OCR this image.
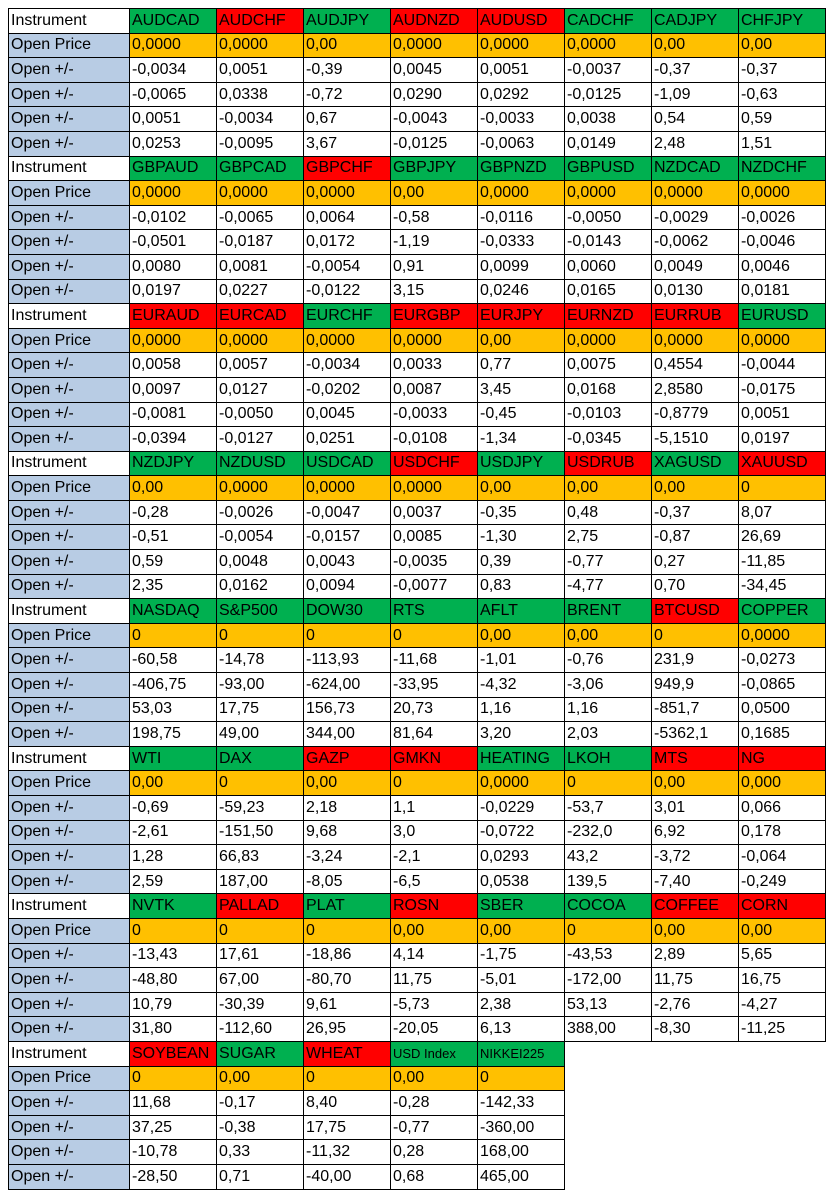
Instrument	AUDCAD	AUDCHF	AUDJPY	AUDNZD	AUDUSD	CADCHF	CADJPY	CHFJPY
Open Price	0,0000	0,0000	0,00	0,0000	0,0000	0,0000	0,00	0,00
Open +/-	-0,0034	0,0051	-0,39	0,0045	0,0051	-0,0037	-0,37	-0,37
Open +/-	-0,0065	0,0338	-0,72	0,0290	0,0292	-0,0125	-1,09	-0,63
Open +/-	0,0051	-0,0034	0,67	-0,0043	-0,0033	0,0038	0,54	0,59
Open +/-	0,0253	-0,0095	3,67	-0,0125	-0,0063	0,0149	2,48	1,51
Instrument	GBPAUD	GBPCAD	GBPCHF	GBPJPY	GBPNZD	GBPUSD	NZDCAD	NZDCHF
Open Price	0,0000	0,0000	0,0000	0,00	0,0000	0,0000	0,0000	0,0000
Open +/-	-0,0102	-0,0065	0,0064	-0,58	-0,0116	-0,0050	-0,0029	-0,0026
Open +/-	-0,0501	-0,0187	0,0172	-1,19	-0,0333	-0,0143	-0,0062	-0,0046
Open +/-	0,0080	0,0081	-0,0054	0,91	0,0099	0,0060	0,0049	0,0046
Open +/-	0,0197	0,0227	-0,0122	3,15	0,0246	0,0165	0,0130	0,0181
Instrument	EURAUD	EURCAD	EURCHF	EURGBP	EURJPY	EURNZD	EURRUB	EURUSD
Open Price	0,0000	0,0000	0,0000	0,0000	0,00	0,0000	0,0000	0,0000
Open +/-	0,0058	0,0057	-0,0034	0,0033	0,77	0,0075	0,4554	-0,0044
Open +/-	0,0097	0,0127	-0,0202	0,0087	3,45	0,0168	2,8580	-0,0175
Open +/-	-0,0081	-0,0050	0,0045	-0,0033	-0,45	-0,0103	-0,8779	0,0051
Open +/-	-0,0394	-0,0127	0,0251	-0,0108	-1,34	-0,0345	-5,1510	0,0197
Instrument	NZDJPY	NZDUSD	USDCAD	USDCHF	USDJPY	USDRUB	XAGUSD	XAUUSD
Open Price	0,00	0,0000	0,0000	0,0000	0,00	0,00	0,00	0
Open +/-	-0,28	-0,0026	-0,0047	0,0037	-0,35	0,48	-0,37	8,07
Open +/-	-0,51	-0,0054	-0,0157	0,0085	-1,30	2,75	-0,87	26,69
Open +/-	0,59	0,0048	0,0043	-0,0035	0,39	-0,77	0,27	-11,85
Open +/-	2,35	0,0162	0,0094	-0,0077	0,83	-4,77	0,70	-34,45
Instrument	NASDAQ	S&P500	DOW30	RTS	AFLT	BRENT	BTCUSD	COPPER
Open Price	0	0	0	0	0,00	0,00	0	0,0000
Open +/-	-60,58	-14,78	-113,93	-11,68	-1,01	-0,76	231,9	-0,0273
Open +/-	-406,75	-93,00	-624,00	-33,95	-4,32	-3,06	949,9	-0,0865
Open +/-	53,03	17,75	156,73	20,73	1,16	1,16	-851,7	0,0500
Open +/-	198,75	49,00	344,00	81,64	3,20	2,03	-5362,1	0,1685
Instrument	WTI	DAX	GAZP	GMKN	HEATING	LKOH	MTS	NG
Open Price	0,00	0	0,00	0	0,0000	0	0,00	0,000
Open +/-	-0,69	-59,23	2,18	1,1	-0,0229	-53,7	3,01	0,066
Open +/-	-2,61	-151,50	9,68	3,0	-0,0722	-232,0	6,92	0,178
Open +/-	1,28	66,83	-3,24	-2,1	0,0293	43,2	-3,72	-0,064
Open +/-	2,59	187,00	-8,05	-6,5	0,0538	139,5	-7,40	-0,249
Instrument	NVTK	PALLAD	PLAT	ROSN	SBER	COCOA	COFFEE	CORN
Open Price	0	0	0	0,00	0,00	0	0,00	0,00
Open +/-	-13,43	17,61	-18,86	4,14	-1,75	-43,53	2,89	5,65
Open +/-	-48,80	67,00	-80,70	11,75	-5,01	-172,00	11,75	16,75
Open +/-	10,79	-30,39	9,61	-5,73	2,38	53,13	-2,76	-4,27
Open +/-	31,80	-112,60	26,95	-20,05	6,13	388,00	-8,30	-11,25
Instrument	SOYBEAN	SUGAR	WHEAT	USD Index	NIKKEI225			
Open Price	0	0,00	0	0,00	0			
Open +/-	11,68	-0,17	8,40	-0,28	-142,33			
Open +/-	37,25	-0,38	17,75	-0,77	-360,00			
Open +/-	-10,78	0,33	-11,32	0,28	168,00			
Open +/-	-28,50	0,71	-40,00	0,68	465,00			
